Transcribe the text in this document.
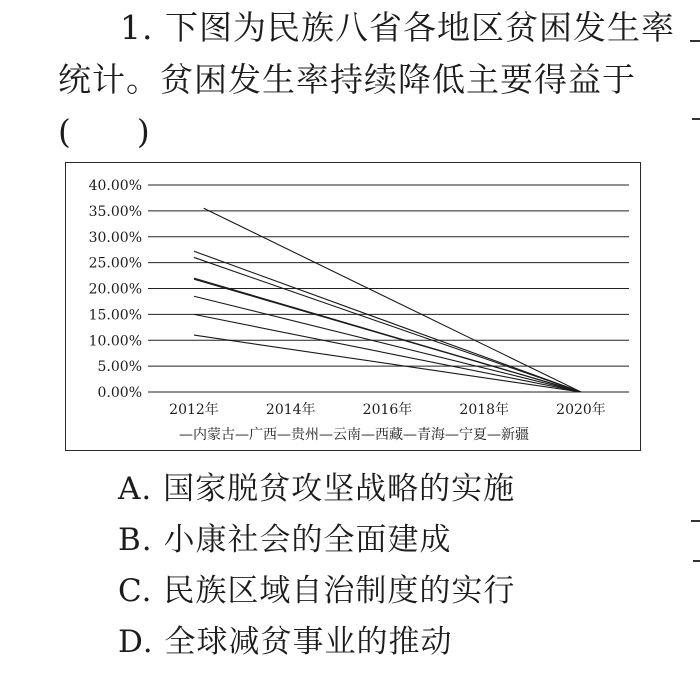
1. 下图为民族八省各地区贫困发生率

统计。贫困发生率持续降低主要得益于

(　　)

40.00%
35.00%
30.00%
25.00%
20.00%
15.00%
10.00%
5.00%
0.00%
2012年	2014年	2016年	2018年	2020年
—内蒙古—广西—贵州—云南—西藏—青海—宁夏—新疆

A. 国家脱贫攻坚战略的实施

B. 小康社会的全面建成

C. 民族区域自治制度的实行

D. 全球减贫事业的推动
